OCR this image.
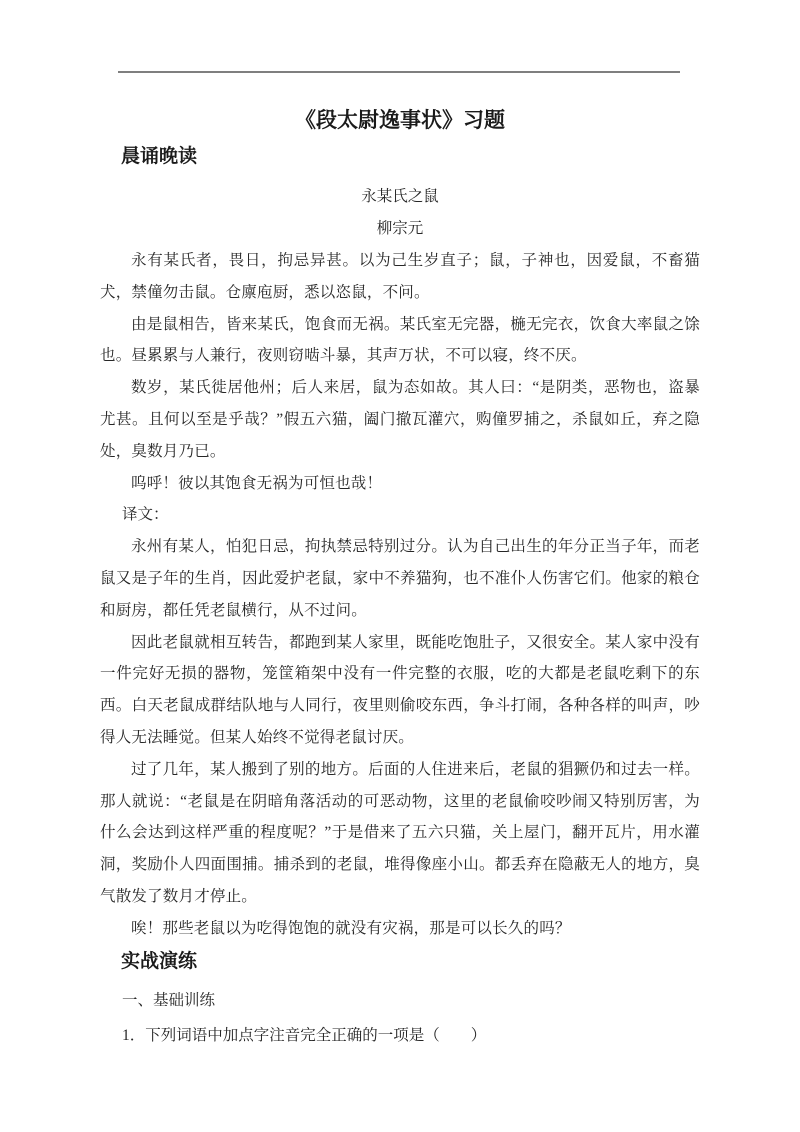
《段太尉逸事状》习题
晨诵晚读

永某氏之鼠

柳宗元

永有某氏者，畏日，拘忌异甚。以为己生岁直子；鼠，子神也，因爱鼠，不畜猫犬，禁僮勿击鼠。仓廪庖厨，悉以恣鼠，不问。

由是鼠相告，皆来某氏，饱食而无祸。某氏室无完器，椸无完衣，饮食大率鼠之馀也。昼累累与人兼行，夜则窃啮斗暴，其声万状，不可以寝，终不厌。

数岁，某氏徙居他州；后人来居，鼠为态如故。其人曰：“是阴类，恶物也，盗暴尤甚。且何以至是乎哉？”假五六猫，阖门撤瓦灌穴，购僮罗捕之，杀鼠如丘，弃之隐处，臭数月乃已。

呜呼！彼以其饱食无祸为可恒也哉！

译文：

永州有某人，怕犯日忌，拘执禁忌特别过分。认为自己出生的年分正当子年，而老鼠又是子年的生肖，因此爱护老鼠，家中不养猫狗，也不准仆人伤害它们。他家的粮仓和厨房，都任凭老鼠横行，从不过问。

因此老鼠就相互转告，都跑到某人家里，既能吃饱肚子，又很安全。某人家中没有一件完好无损的器物，笼筐箱架中没有一件完整的衣服，吃的大都是老鼠吃剩下的东西。白天老鼠成群结队地与人同行，夜里则偷咬东西，争斗打闹，各种各样的叫声，吵得人无法睡觉。但某人始终不觉得老鼠讨厌。

过了几年，某人搬到了别的地方。后面的人住进来后，老鼠的猖獗仍和过去一样。那人就说：“老鼠是在阴暗角落活动的可恶动物，这里的老鼠偷咬吵闹又特别厉害，为什么会达到这样严重的程度呢？”于是借来了五六只猫，关上屋门，翻开瓦片，用水灌洞，奖励仆人四面围捕。捕杀到的老鼠，堆得像座小山。都丢弃在隐蔽无人的地方，臭气散发了数月才停止。

唉！那些老鼠以为吃得饱饱的就没有灾祸，那是可以长久的吗？

实战演练

一、基础训练

1．下列词语中加点字注音完全正确的一项是（　　）
